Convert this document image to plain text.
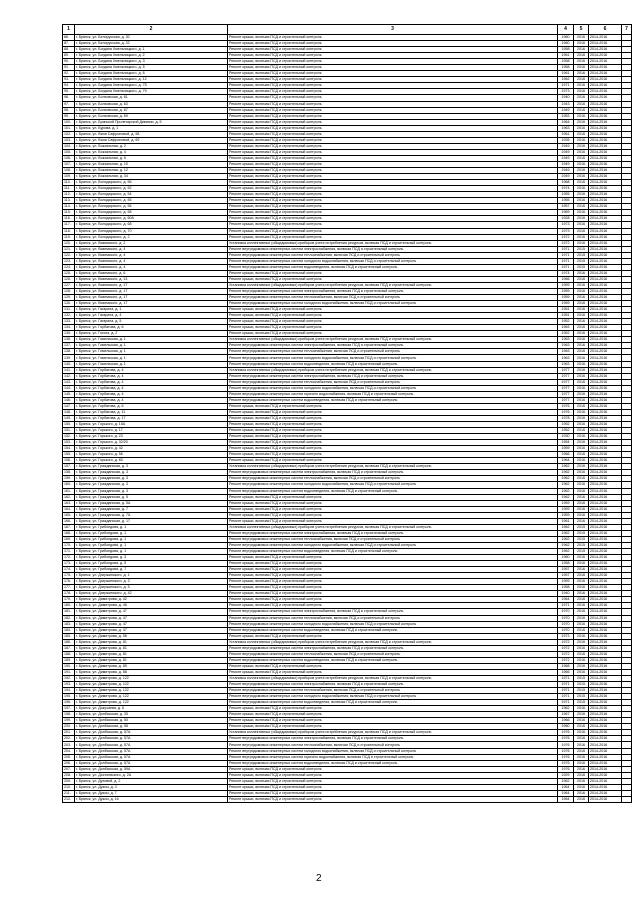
1	2	3	4	5	6	7
86.	г. Брянск, ул. Белорусская, д. 30	Ремонт крыши, включая ПСД и строительный контроль	1960	2016	2014-2016	
87.	г. Брянск, ул. Белорусская, д. 32	Ремонт крыши, включая ПСД и строительный контроль	1960	2016	2014-2016	
88.	г. Брянск, ул. Богдана Хмельницкого, д. 1	Ремонт крыши, включая ПСД и строительный контроль	1958	2016	2014-2016	
89.	г. Брянск, ул. Богдана Хмельницкого, д. 2	Ремонт крыши, включая ПСД и строительный контроль	1961	2016	2014-2016	
90.	г. Брянск, ул. Богдана Хмельницкого, д. 3	Ремонт крыши, включая ПСД и строительный контроль	1958	2016	2014-2016	
91.	г. Брянск, ул. Богдана Хмельницкого, д. 5	Ремонт крыши, включая ПСД и строительный контроль	1958	2016	2014-2016	
92.	г. Брянск, ул. Богдана Хмельницкого, д. 6	Ремонт крыши, включая ПСД и строительный контроль	1961	2016	2014-2016	
93.	г. Брянск, ул. Богдана Хмельницкого, д. 12	Ремонт крыши, включая ПСД и строительный контроль	1962	2016	2014-2016	
94.	г. Брянск, ул. Богдана Хмельницкого, д. 75	Ремонт крыши, включая ПСД и строительный контроль	1971	2016	2014-2016	
95.	г. Брянск, ул. Богдана Хмельницкого, д. 79	Ремонт крыши, включая ПСД и строительный контроль	1973	2016	2014-2016	
96.	г. Брянск, ул. Болховская, д. 61	Ремонт крыши, включая ПСД и строительный контроль	1940	2016	2014-2016	
97.	г. Брянск, ул. Болховская, д. 63	Ремонт крыши, включая ПСД и строительный контроль	1943	2016	2014-2016	
98.	г. Брянск, ул. Болховская, д. 67	Ремонт крыши, включая ПСД и строительный контроль	1949	2016	2014-2016	
99.	г. Брянск, ул. Болховская, д. 69	Ремонт крыши, включая ПСД и строительный контроль	1953	2016	2014-2016	
100.	г. Брянск, ул. Брянской Пролетарской Дивизии, д. 5	Ремонт крыши, включая ПСД и строительный контроль	1964	2016	2014-2016	
101.	г. Брянск, ул. Бурова, д. 1	Ремонт крыши, включая ПСД и строительный контроль	1963	2016	2014-2016	
102.	г. Брянск, ул. Вали Сафроновой, д. 58	Ремонт крыши, включая ПСД и строительный контроль	1961	2016	2014-2016	
103.	г. Брянск, ул. Вали Сафроновой, д. 69	Ремонт крыши, включая ПСД и строительный контроль	1935	2016	2014-2016	
104.	г. Брянск, ул. Вокзальная, д. 2	Ремонт крыши, включая ПСД и строительный контроль	1949	2016	2014-2016	
105.	г. Брянск, ул. Вокзальная, д. 4	Ремонт крыши, включая ПСД и строительный контроль	1949	2016	2014-2016	
106.	г. Брянск, ул. Вокзальная, д. 6	Ремонт крыши, включая ПСД и строительный контроль	1949	2016	2014-2016	
107.	г. Брянск, ул. Вокзальная, д. 10	Ремонт крыши, включая ПСД и строительный контроль	1949	2016	2014-2016	
108.	г. Брянск, ул. Вокзальная, д. 12	Ремонт крыши, включая ПСД и строительный контроль	1949	2016	2014-2016	
109.	г. Брянск, ул. Вокзальная, д. 34	Ремонт крыши, включая ПСД и строительный контроль	1949	2016	2014-2016	
110.	г. Брянск, ул. Володарского, д. 56	Ремонт крыши, включая ПСД и строительный контроль	1968	2016	2014-2016	
111.	г. Брянск, ул. Володарского, д. 52	Ремонт крыши, включая ПСД и строительный контроль	1974	2016	2014-2016	
112.	г. Брянск, ул. Володарского, д. 54	Ремонт крыши, включая ПСД и строительный контроль	1955	2016	2014-2016	
113.	г. Брянск, ул. Володарского, д. 55	Ремонт крыши, включая ПСД и строительный контроль	1955	2016	2014-2016	
114.	г. Брянск, ул. Володарского, д. 56	Ремонт крыши, включая ПСД и строительный контроль	1957	2016	2014-2016	
115.	г. Брянск, ул. Володарского, д. 58	Ремонт крыши, включая ПСД и строительный контроль	1969	2016	2014-2016	
116.	г. Брянск, ул. Володарского, д. 60А	Ремонт крыши, включая ПСД и строительный контроль	1928	2016	2014-2016	
117.	г. Брянск, ул. Володарского, д. 68	Ремонт крыши, включая ПСД и строительный контроль	1973	2016	2014-2016	
118.	г. Брянск, ул. Володарского, д. 70	Ремонт крыши, включая ПСД и строительный контроль	1973	2016	2014-2016	
119.	г. Брянск, ул. Володарского, д. 2	Ремонт крыши, включая ПСД и строительный контроль	1972	2016	2014-2016	
120.	г. Брянск, ул. Вяземского, д. 2	Установка коллективных (общедомовых) приборов учета потребления ресурсов, включая ПСД и строительный контроль	1972	2016	2014-2016	
121.	г. Брянск, ул. Вяземского, д. 4	Ремонт внутридомовых инженерных систем электроснабжения, включая ПСД и строительный контроль	1971	2015	2014-2016	
122.	г. Брянск, ул. Вяземского, д. 4	Ремонт внутридомовых инженерных систем теплоснабжения, включая ПСД и строительный контроль	1971	2015	2014-2016	
123.	г. Брянск, ул. Вяземского, д. 4	Ремонт внутридомовых инженерных систем холодного водоснабжения, включая ПСД и строительный контроль	1971	2015	2014-2016	
124.	г. Брянск, ул. Вяземского, д. 4	Ремонт внутридомовых инженерных систем водоотведения, включая ПСД и строительный контроль	1971	2015	2014-2016	
125.	г. Брянск, ул. Вяземского, д. 6	Ремонт крыши, включая ПСД и строительный контроль	1974	2016	2014-2016	
126.	г. Брянск, ул. Вяземского, д. 13	Ремонт крыши, включая ПСД и строительный контроль	1966	2016	2014-2016	
127.	г. Брянск, ул. Вяземского, д. 17	Установка коллективных (общедомовых) приборов учета потребления ресурсов, включая ПСД и строительный контроль	1959	2016	2014-2016	
128.	г. Брянск, ул. Вяземского, д. 17	Ремонт внутридомовых инженерных систем электроснабжения, включая ПСД и строительный контроль	1959	2016	2014-2016	
129.	г. Брянск, ул. Вяземского, д. 17	Ремонт внутридомовых инженерных систем теплоснабжения, включая ПСД и строительный контроль	1959	2016	2014-2016	
130.	г. Брянск, ул. Вяземского, д. 17	Ремонт внутридомовых инженерных систем холодного водоснабжения, включая ПСД и строительный контроль	1959	2016	2014-2016	
131.	г. Брянск, ул. Гагарина, д. 1	Ремонт крыши, включая ПСД и строительный контроль	1951	2016	2014-2016	
132.	г. Брянск, ул. Гагарина, д. 4	Ремонт крыши, включая ПСД и строительный контроль	1951	2016	2014-2016	
133.	г. Брянск, ул. Гагарина, д. 5	Ремонт крыши, включая ПСД и строительный контроль	1952	2016	2014-2016	
134.	г. Брянск, ул. Горбатова, д. 6	Ремонт крыши, включая ПСД и строительный контроль	1963	2016	2014-2016	
135.	г. Брянск, ул. Гоголя, д. 2	Ремонт крыши, включая ПСД и строительный контроль	1952	2016	2014-2016	
136.	г. Брянск, ул. Гомельская, д. 1	Установка коллективных (общедомовых) приборов учета потребления ресурсов, включая ПСД и строительный контроль	1963	2016	2014-2016	
137.	г. Брянск, ул. Гомельская, д. 1	Ремонт внутридомовых инженерных систем электроснабжения, включая ПСД и строительный контроль	1963	2016	2014-2016	
138.	г. Брянск, ул. Гомельская, д. 1	Ремонт внутридомовых инженерных систем теплоснабжения, включая ПСД и строительный контроль	1963	2016	2014-2016	
139.	г. Брянск, ул. Гомельская, д. 1	Ремонт внутридомовых инженерных систем холодного водоснабжения, включая ПСД и строительный контроль	1963	2016	2014-2016	
140.	г. Брянск, ул. Гомельская, д. 1	Ремонт внутридомовых инженерных систем водоотведения, включая ПСД и строительный контроль	1963	2016	2014-2016	
141.	г. Брянск, ул. Горбатова, д. 4	Установка коллективных (общедомовых) приборов учета потребления ресурсов, включая ПСД и строительный контроль	1977	2016	2014-2016	
142.	г. Брянск, ул. Горбатова, д. 4	Ремонт внутридомовых инженерных систем электроснабжения, включая ПСД и строительный контроль	1977	2016	2014-2016	
143.	г. Брянск, ул. Горбатова, д. 4	Ремонт внутридомовых инженерных систем теплоснабжения, включая ПСД и строительный контроль	1977	2016	2014-2016	
144.	г. Брянск, ул. Горбатова, д. 4	Ремонт внутридомовых инженерных систем холодного водоснабжения, включая ПСД и строительный контроль	1977	2016	2014-2016	
145.	г. Брянск, ул. Горбатова, д. 4	Ремонт внутридомовых инженерных систем горячего водоснабжения, включая ПСД и строительный контроль	1977	2016	2014-2016	
146.	г. Брянск, ул. Горбатова, д. 4	Ремонт внутридомовых инженерных систем водоотведения, включая ПСД и строительный контроль	1977	2016	2014-2016	
147.	г. Брянск, ул. Горбатова, д. 6	Ремонт крыши, включая ПСД и строительный контроль	1976	2016	2014-2016	
148.	г. Брянск, ул. Горбатова, д. 11	Ремонт крыши, включая ПСД и строительный контроль	1976	2016	2014-2016	
149.	г. Брянск, ул. Горбатова, д. 17	Ремонт крыши, включая ПСД и строительный контроль	1978	2016	2014-2016	
150.	г. Брянск, ул. Горького, д. 15А	Ремонт крыши, включая ПСД и строительный контроль	1952	2016	2014-2016	
151.	г. Брянск, ул. Горького, д. 17	Ремонт крыши, включая ПСД и строительный контроль	1952	2016	2014-2016	
152.	г. Брянск, ул. Горького, д. 23	Ремонт крыши, включая ПСД и строительный контроль	1930	2016	2014-2016	
153.	г. Брянск, ул. Горького, д. 32/20	Ремонт крыши, включая ПСД и строительный контроль	1954	2016	2014-2016	
154.	г. Брянск, ул. Горького, д. 42	Ремонт крыши, включая ПСД и строительный контроль	1959	2016	2014-2016	
155.	г. Брянск, ул. Горького, д. 56	Ремонт крыши, включая ПСД и строительный контроль	1966	2016	2014-2016	
156.	г. Брянск, ул. Горького, д. 60	Ремонт крыши, включая ПСД и строительный контроль	1964	2016	2014-2016	
157.	г. Брянск, ул. Гражданская, д. 3	Установка коллективных (общедомовых) приборов учета потребления ресурсов, включая ПСД и строительный контроль	1962	2016	2014-2016	
158.	г. Брянск, ул. Гражданская, д. 3	Ремонт внутридомовых инженерных систем электроснабжения, включая ПСД и строительный контроль	1962	2016	2014-2016	
159.	г. Брянск, ул. Гражданская, д. 3	Ремонт внутридомовых инженерных систем теплоснабжения, включая ПСД и строительный контроль	1962	2016	2014-2016	
160.	г. Брянск, ул. Гражданская, д. 3	Ремонт внутридомовых инженерных систем холодного водоснабжения, включая ПСД и строительный контроль	1962	2016	2014-2016	
161.	г. Брянск, ул. Гражданская, д. 3	Ремонт внутридомовых инженерных систем водоотведения, включая ПСД и строительный контроль	1962	2016	2014-2016	
162.	г. Брянск, ул. Гражданская, д. 5	Ремонт крыши, включая ПСД и строительный контроль	1962	2016	2014-2016	
163.	г. Брянск, ул. Гражданская, д. 5А	Ремонт крыши, включая ПСД и строительный контроль	1959	2016	2014-2016	
164.	г. Брянск, ул. Гражданская, д. 7	Ремонт крыши, включая ПСД и строительный контроль	1959	2016	2014-2016	
165.	г. Брянск, ул. Гражданская, д. 7А	Ремонт крыши, включая ПСД и строительный контроль	1959	2016	2014-2016	
166.	г. Брянск, ул. Гражданская, д. 17	Ремонт крыши, включая ПСД и строительный контроль	1961	2016	2014-2016	
167.	г. Брянск, ул. Грибоедова, д. 1	Установка коллективных (общедомовых) приборов учета потребления ресурсов, включая ПСД и строительный контроль	1962	2015	2014-2016	
168.	г. Брянск, ул. Грибоедова, д. 1	Ремонт внутридомовых инженерных систем электроснабжения, включая ПСД и строительный контроль	1962	2015	2014-2016	
169.	г. Брянск, ул. Грибоедова, д. 1	Ремонт внутридомовых инженерных систем теплоснабжения, включая ПСД и строительный контроль	1962	2015	2014-2016	
170.	г. Брянск, ул. Грибоедова, д. 1	Ремонт внутридомовых инженерных систем холодного водоснабжения, включая ПСД и строительный контроль	1962	2015	2014-2016	
171.	г. Брянск, ул. Грибоедова, д. 1	Ремонт внутридомовых инженерных систем водоотведения, включая ПСД и строительный контроль	1962	2015	2014-2016	
172.	г. Брянск, ул. Грибоедова, д. 3	Ремонт крыши, включая ПСД и строительный контроль	1960	2016	2014-2016	
173.	г. Брянск, ул. Грибоедова, д. 5	Ремонт крыши, включая ПСД и строительный контроль	1958	2016	2014-2016	
174.	г. Брянск, ул. Грибоедова, д. 7	Ремонт крыши, включая ПСД и строительный контроль	1957	2016	2014-2016	
175.	г. Брянск, ул. Дзержинского, д. 1	Ремонт крыши, включая ПСД и строительный контроль	1957	2016	2014-2016	
176.	г. Брянск, ул. Дзержинского, д. 3	Ремонт крыши, включая ПСД и строительный контроль	1959	2016	2014-2016	
177.	г. Брянск, ул. Дзержинского, д. 5	Ремонт крыши, включая ПСД и строительный контроль	1958	2016	2014-2016	
178.	г. Брянск, ул. Дзержинского, д. 42	Ремонт крыши, включая ПСД и строительный контроль	1940	2016	2014-2016	
179.	г. Брянск, ул. Димитрова, д. 42	Ремонт крыши, включая ПСД и строительный контроль	1964	2016	2014-2016	
180.	г. Брянск, ул. Димитрова, д. 46	Ремонт крыши, включая ПСД и строительный контроль	1971	2016	2014-2016	
181.	г. Брянск, ул. Димитрова, д. 47	Ремонт внутридомовых инженерных систем электроснабжения, включая ПСД и строительный контроль	1970	2016	2014-2016	
182.	г. Брянск, ул. Димитрова, д. 47	Ремонт внутридомовых инженерных систем теплоснабжения, включая ПСД и строительный контроль	1970	2016	2014-2016	
183.	г. Брянск, ул. Димитрова, д. 47	Ремонт внутридомовых инженерных систем холодного водоснабжения, включая ПСД и строительный контроль	1970	2016	2014-2016	
184.	г. Брянск, ул. Димитрова, д. 47	Ремонт внутридомовых инженерных систем водоотведения, включая ПСД и строительный контроль	1970	2016	2014-2016	
185.	г. Брянск, ул. Димитрова, д. 56	Ремонт крыши, включая ПСД и строительный контроль	1973	2016	2014-2016	
186.	г. Брянск, ул. Димитрова, д. 81	Установка коллективных (общедомовых) приборов учета потребления ресурсов, включая ПСД и строительный контроль	1972	2016	2014-2016	
187.	г. Брянск, ул. Димитрова, д. 81	Ремонт внутридомовых инженерных систем электроснабжения, включая ПСД и строительный контроль	1972	2016	2014-2016	
188.	г. Брянск, ул. Димитрова, д. 81	Ремонт внутридомовых инженерных систем теплоснабжения, включая ПСД и строительный контроль	1972	2016	2014-2016	
189.	г. Брянск, ул. Димитрова, д. 81	Ремонт внутридомовых инженерных систем водоотведения, включая ПСД и строительный контроль	1972	2016	2014-2016	
190.	г. Брянск, ул. Димитрова, д. 85	Ремонт крыши, включая ПСД и строительный контроль	1968	2016	2014-2016	
191.	г. Брянск, ул. Димитрова, д. 88	Ремонт крыши, включая ПСД и строительный контроль	1966	2016	2014-2016	
192.	г. Брянск, ул. Димитрова, д. 122	Установка коллективных (общедомовых) приборов учета потребления ресурсов, включая ПСД и строительный контроль	1971	2015	2014-2016	
193.	г. Брянск, ул. Димитрова, д. 122	Ремонт внутридомовых инженерных систем электроснабжения, включая ПСД и строительный контроль	1971	2015	2014-2016	
194.	г. Брянск, ул. Димитрова, д. 122	Ремонт внутридомовых инженерных систем теплоснабжения, включая ПСД и строительный контроль	1971	2015	2014-2016	
195.	г. Брянск, ул. Димитрова, д. 122	Ремонт внутридомовых инженерных систем холодного водоснабжения, включая ПСД и строительный контроль	1971	2015	2014-2016	
196.	г. Брянск, ул. Димитрова, д. 122	Ремонт внутридомовых инженерных систем водоотведения, включая ПСД и строительный контроль	1971	2015	2014-2016	
197.	г. Брянск, ул. Докучаева, д. 6	Ремонт крыши, включая ПСД и строительный контроль	1962	2016	2014-2016	
198.	г. Брянск, ул. Донбасская, д. 35	Ремонт крыши, включая ПСД и строительный контроль	1967	2016	2014-2016	
199.	г. Брянск, ул. Донбасская, д. 50	Ремонт крыши, включая ПСД и строительный контроль	1966	2016	2014-2016	
200.	г. Брянск, ул. Донбасская, д. 56	Ремонт крыши, включая ПСД и строительный контроль	1960	2016	2014-2016	
201.	г. Брянск, ул. Донбасская, д. 57А	Установка коллективных (общедомовых) приборов учета потребления ресурсов, включая ПСД и строительный контроль	1976	2016	2014-2016	
202.	г. Брянск, ул. Донбасская, д. 57А	Ремонт внутридомовых инженерных систем электроснабжения, включая ПСД и строительный контроль	1976	2016	2014-2016	
203.	г. Брянск, ул. Донбасская, д. 57А	Ремонт внутридомовых инженерных систем теплоснабжения, включая ПСД и строительный контроль	1976	2016	2014-2016	
204.	г. Брянск, ул. Донбасская, д. 57А	Ремонт внутридомовых инженерных систем холодного водоснабжения, включая ПСД и строительный контроль	1976	2016	2014-2016	
205.	г. Брянск, ул. Донбасская, д. 57А	Ремонт внутридомовых инженерных систем горячего водоснабжения, включая ПСД и строительный контроль	1976	2016	2014-2016	
206.	г. Брянск, ул. Донбасская, д. 57А	Ремонт внутридомовых инженерных систем водоотведения, включая ПСД и строительный контроль	1976	2016	2014-2016	
207.	г. Брянск, ул. Донбасская, д. 59А	Ремонт крыши, включая ПСД и строительный контроль	1976	2016	2014-2016	
208.	г. Брянск, ул. Достоевского, д. 2А	Ремонт крыши, включая ПСД и строительный контроль	1929	2016	2014-2016	
209.	г. Брянск, ул. Духовой, д. 2	Ремонт крыши, включая ПСД и строительный контроль	1962	2016	2014-2016	
210.	г. Брянск, ул. Дуксы, д. 3	Ремонт крыши, включая ПСД и строительный контроль	1964	2016	2014-2016	
211.	г. Брянск, ул. Дуксы, д. 7	Ремонт крыши, включая ПСД и строительный контроль	1964	2016	2014-2016	
212.	г. Брянск, ул. Дуксы, д. 16	Ремонт крыши, включая ПСД и строительный контроль	1964	2016	2014-2016	
2
